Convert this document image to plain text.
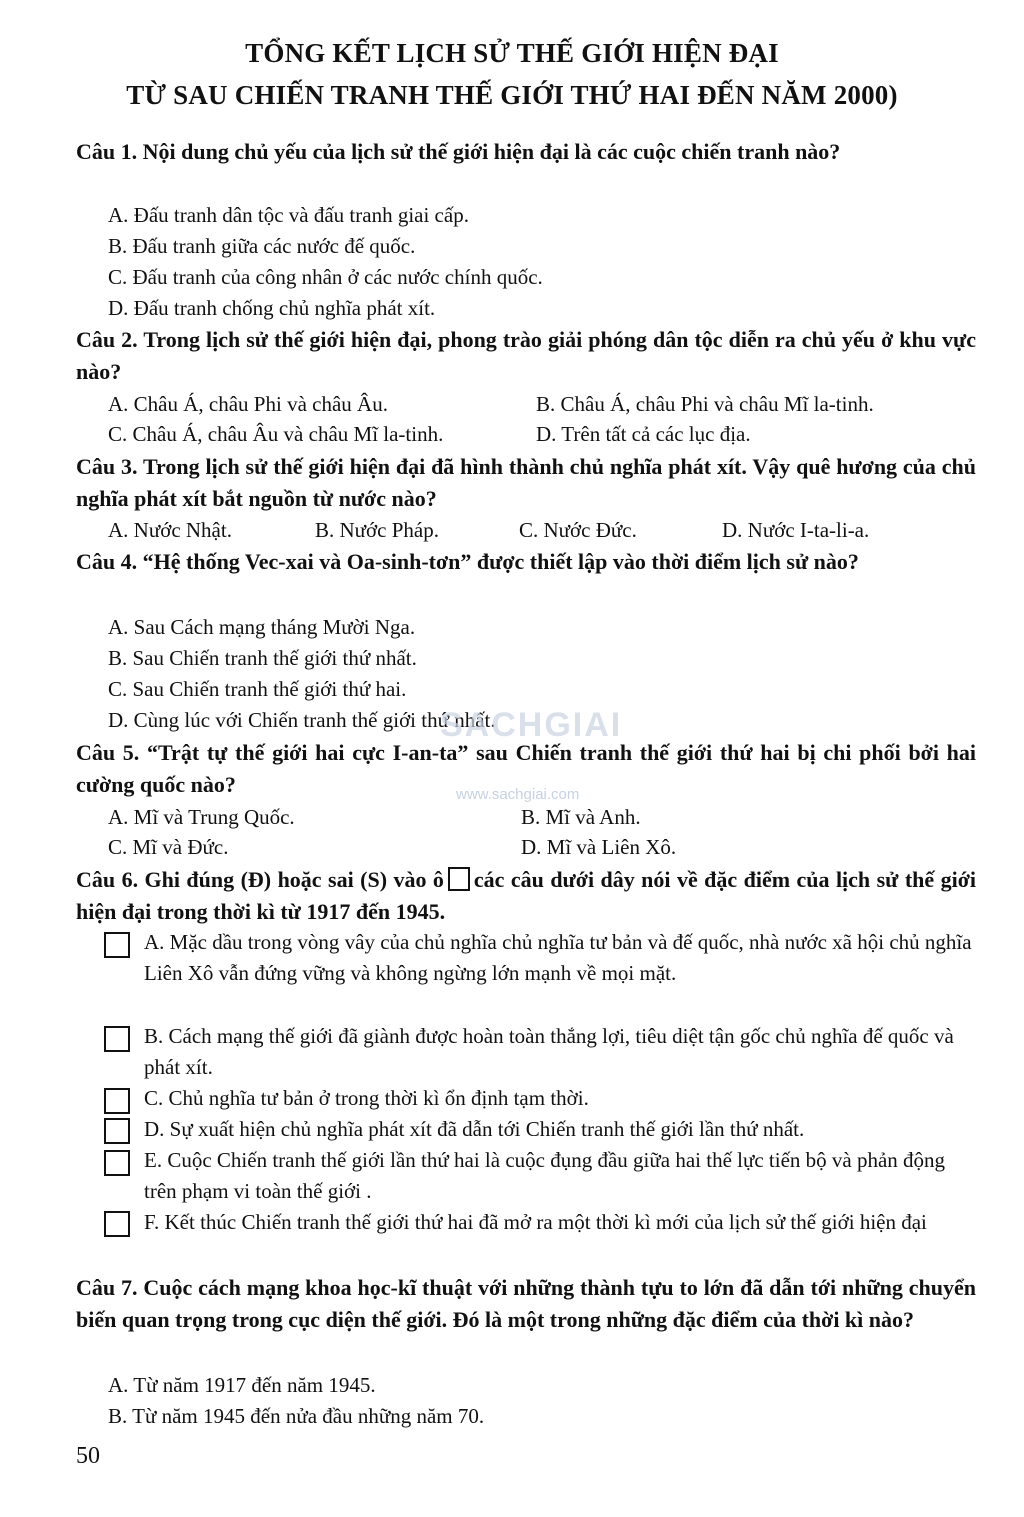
TỔNG KẾT LỊCH SỬ THẾ GIỚI HIỆN ĐẠI
TỪ SAU CHIẾN TRANH THẾ GIỚI THỨ HAI ĐẾN NĂM 2000)
Câu 1. Nội dung chủ yếu của lịch sử thế giới hiện đại là các cuộc chiến tranh nào?
A. Đấu tranh dân tộc và đấu tranh giai cấp.
B. Đấu tranh giữa các nước đế quốc.
C. Đấu tranh của công nhân ở các nước chính quốc.
D. Đấu tranh chống chủ nghĩa phát xít.
Câu 2. Trong lịch sử thế giới hiện đại, phong trào giải phóng dân tộc diễn ra chủ yếu ở khu vực nào?
A. Châu Á, châu Phi và châu Âu.	B. Châu Á, châu Phi và châu Mĩ la-tinh.
C. Châu Á, châu Âu và châu Mĩ la-tinh.	D. Trên tất cả các lục địa.
Câu 3. Trong lịch sử thế giới hiện đại đã hình thành chủ nghĩa phát xít. Vậy quê hương của chủ nghĩa phát xít bắt nguồn từ nước nào?
A. Nước Nhật.	B. Nước Pháp.	C. Nước Đức.	D. Nước I-ta-li-a.
Câu 4. “Hệ thống Vec-xai và Oa-sinh-tơn” được thiết lập vào thời điểm lịch sử nào?
A. Sau Cách mạng tháng Mười Nga.
B. Sau Chiến tranh thế giới thứ nhất.
C. Sau Chiến tranh thế giới thứ hai.
D. Cùng lúc với Chiến tranh thế giới thứ nhất.
SACHGIAI
www.sachgiai.com
Câu 5. “Trật tự thế giới hai cực I-an-ta” sau Chiến tranh thế giới thứ hai bị chi phối bởi hai cường quốc nào?
A. Mĩ và Trung Quốc.	B. Mĩ và Anh.
C. Mĩ và Đức.	D. Mĩ và Liên Xô.
Câu 6. Ghi đúng (Đ) hoặc sai (S) vào ô các câu dưới dây nói về đặc điểm của lịch sử thế giới hiện đại trong thời kì từ 1917 đến 1945.
A. Mặc dầu trong vòng vây của chủ nghĩa chủ nghĩa tư bản và đế quốc, nhà nước xã hội chủ nghĩa Liên Xô vẫn đứng vững và không ngừng lớn mạnh về mọi mặt.
B. Cách mạng thế giới đã giành được hoàn toàn thắng lợi, tiêu diệt tận gốc chủ nghĩa đế quốc và phát xít.
C. Chủ nghĩa tư bản ở trong thời kì ổn định tạm thời.
D. Sự xuất hiện chủ nghĩa phát xít đã dẫn tới Chiến tranh thế giới lần thứ nhất.
E. Cuộc Chiến tranh thế giới lần thứ hai là cuộc đụng đầu giữa hai thế lực tiến bộ và phản động trên phạm vi toàn thế giới .
F. Kết thúc Chiến tranh thế giới thứ hai đã mở ra một thời kì mới của lịch sử thế giới hiện đại
Câu 7. Cuộc cách mạng khoa học-kĩ thuật với những thành tựu to lớn đã dẫn tới những chuyển biến quan trọng trong cục diện thế giới. Đó là một trong những đặc điểm của thời kì nào?
A. Từ năm 1917 đến năm 1945.
B. Từ năm 1945 đến nửa đầu những năm 70.
50
